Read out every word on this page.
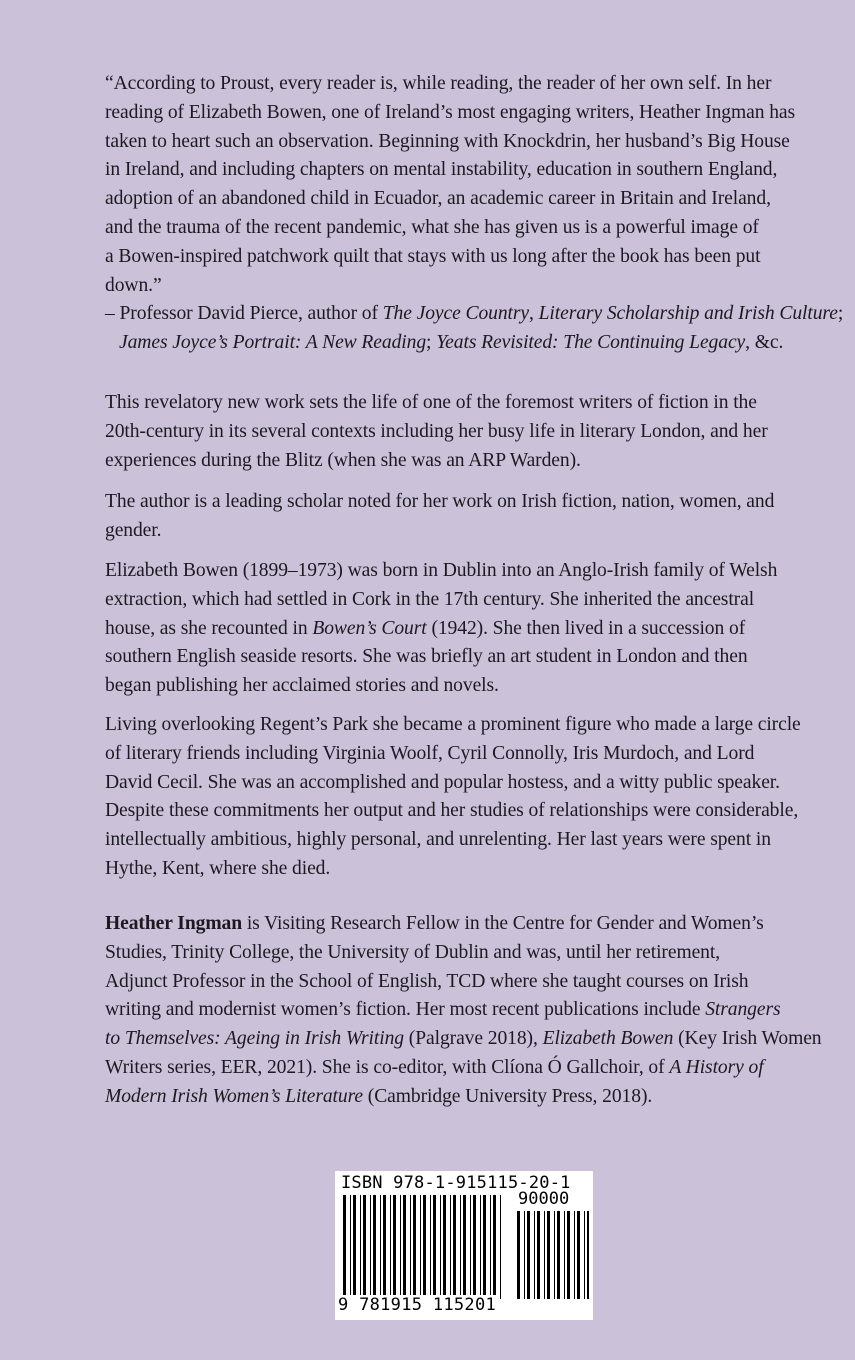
“According to Proust, every reader is, while reading, the reader of her own self. In her
reading of Elizabeth Bowen, one of Ireland’s most engaging writers, Heather Ingman has
taken to heart such an observation. Beginning with Knockdrin, her husband’s Big House
in Ireland, and including chapters on mental instability, education in southern England,
adoption of an abandoned child in Ecuador, an academic career in Britain and Ireland,
and the trauma of the recent pandemic, what she has given us is a powerful image of
a Bowen-inspired patchwork quilt that stays with us long after the book has been put
down.”
– Professor David Pierce, author of The Joyce Country, Literary Scholarship and Irish Culture;
James Joyce’s Portrait: A New Reading; Yeats Revisited: The Continuing Legacy, &c.
This revelatory new work sets the life of one of the foremost writers of fiction in the
20th-century in its several contexts including her busy life in literary London, and her
experiences during the Blitz (when she was an ARP Warden).
The author is a leading scholar noted for her work on Irish fiction, nation, women, and
gender.
Elizabeth Bowen (1899–1973) was born in Dublin into an Anglo-Irish family of Welsh
extraction, which had settled in Cork in the 17th century. She inherited the ancestral
house, as she recounted in Bowen’s Court (1942). She then lived in a succession of
southern English seaside resorts. She was briefly an art student in London and then
began publishing her acclaimed stories and novels.
Living overlooking Regent’s Park she became a prominent figure who made a large circle
of literary friends including Virginia Woolf, Cyril Connolly, Iris Murdoch, and Lord
David Cecil. She was an accomplished and popular hostess, and a witty public speaker.
Despite these commitments her output and her studies of relationships were considerable,
intellectually ambitious, highly personal, and unrelenting. Her last years were spent in
Hythe, Kent, where she died.
Heather Ingman is Visiting Research Fellow in the Centre for Gender and Women’s
Studies, Trinity College, the University of Dublin and was, until her retirement,
Adjunct Professor in the School of English, TCD where she taught courses on Irish
writing and modernist women’s fiction. Her most recent publications include Strangers
to Themselves: Ageing in Irish Writing (Palgrave 2018), Elizabeth Bowen (Key Irish Women
Writers series, EER, 2021). She is co-editor, with Clíona Ó Gallchoir, of A History of
Modern Irish Women’s Literature (Cambridge University Press, 2018).
ISBN 978-1-915115-20-1
90000
9 781915 115201
